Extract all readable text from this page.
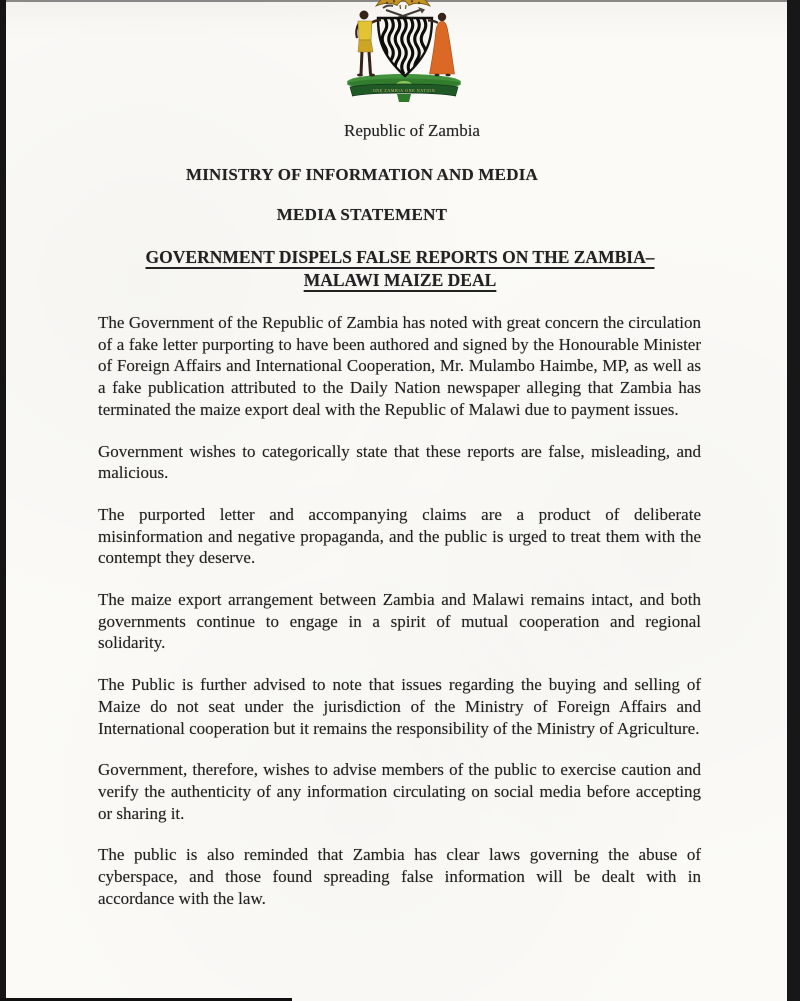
ONE ZAMBIA ONE NATION
Republic of Zambia
MINISTRY OF INFORMATION AND MEDIA
MEDIA STATEMENT
GOVERNMENT DISPELS FALSE REPORTS ON THE ZAMBIA–
MALAWI MAIZE DEAL

The Government of the Republic of Zambia has noted with great concern the circulation of a fake letter purporting to have been authored and signed by the Honourable Minister of Foreign Affairs and International Cooperation, Mr. Mulambo Haimbe, MP, as well as a fake publication attributed to the Daily Nation newspaper alleging that Zambia has terminated the maize export deal with the Republic of Malawi due to payment issues.

Government wishes to categorically state that these reports are false, misleading, and malicious.

The purported letter and accompanying claims are a product of deliberate misinformation and negative propaganda, and the public is urged to treat them with the contempt they deserve.

The maize export arrangement between Zambia and Malawi remains intact, and both governments continue to engage in a spirit of mutual cooperation and regional solidarity.

The Public is further advised to note that issues regarding the buying and selling of Maize do not seat under the jurisdiction of the Ministry of Foreign Affairs and International cooperation but it remains the responsibility of the Ministry of Agriculture.

Government, therefore, wishes to advise members of the public to exercise caution and verify the authenticity of any information circulating on social media before accepting or sharing it.

The public is also reminded that Zambia has clear laws governing the abuse of cyberspace, and those found spreading false information will be dealt with in accordance with the law.
